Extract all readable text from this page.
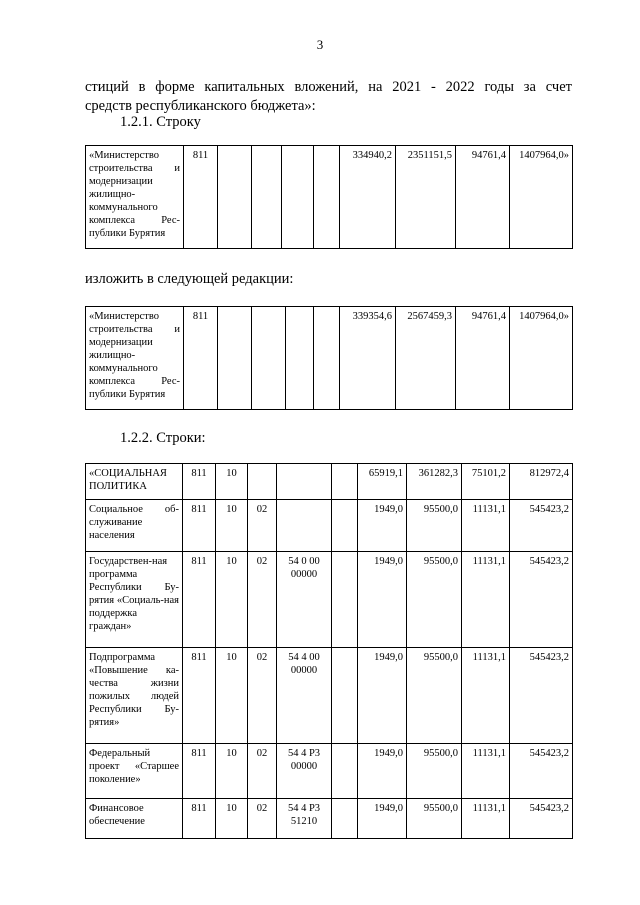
3
стиций в форме капитальных вложений, на 2021 - 2022 годы за счет
средств республиканского бюджета»:
1.2.1. Строку
«Министерство строительства и модернизации жилищно-коммунального комплекса Рес-публики Бурятия	811					334940,2	2351151,5	94761,4	1407964,0»
изложить в следующей редакции:
«Министерство строительства и модернизации жилищно-коммунального комплекса Рес-публики Бурятия	811					339354,6	2567459,3	94761,4	1407964,0»
1.2.2. Строки:
«СОЦИАЛЬНАЯ ПОЛИТИКА	811	10				65919,1	361282,3	75101,2	812972,4
Социальное об-служивание населения	811	10	02			1949,0	95500,0	11131,1	545423,2
Государствен-ная программа Республики Бу-рятия «Социаль-ная поддержка граждан»	811	10	02	54 0 00 00000		1949,0	95500,0	11131,1	545423,2
Подпрограмма «Повышение ка-чества жизни пожилых людей Республики Бу-рятия»	811	10	02	54 4 00 00000		1949,0	95500,0	11131,1	545423,2
Федеральный проект «Старшее поколение»	811	10	02	54 4 P3 00000		1949,0	95500,0	11131,1	545423,2
Финансовое обеспечение	811	10	02	54 4 P3 51210		1949,0	95500,0	11131,1	545423,2
